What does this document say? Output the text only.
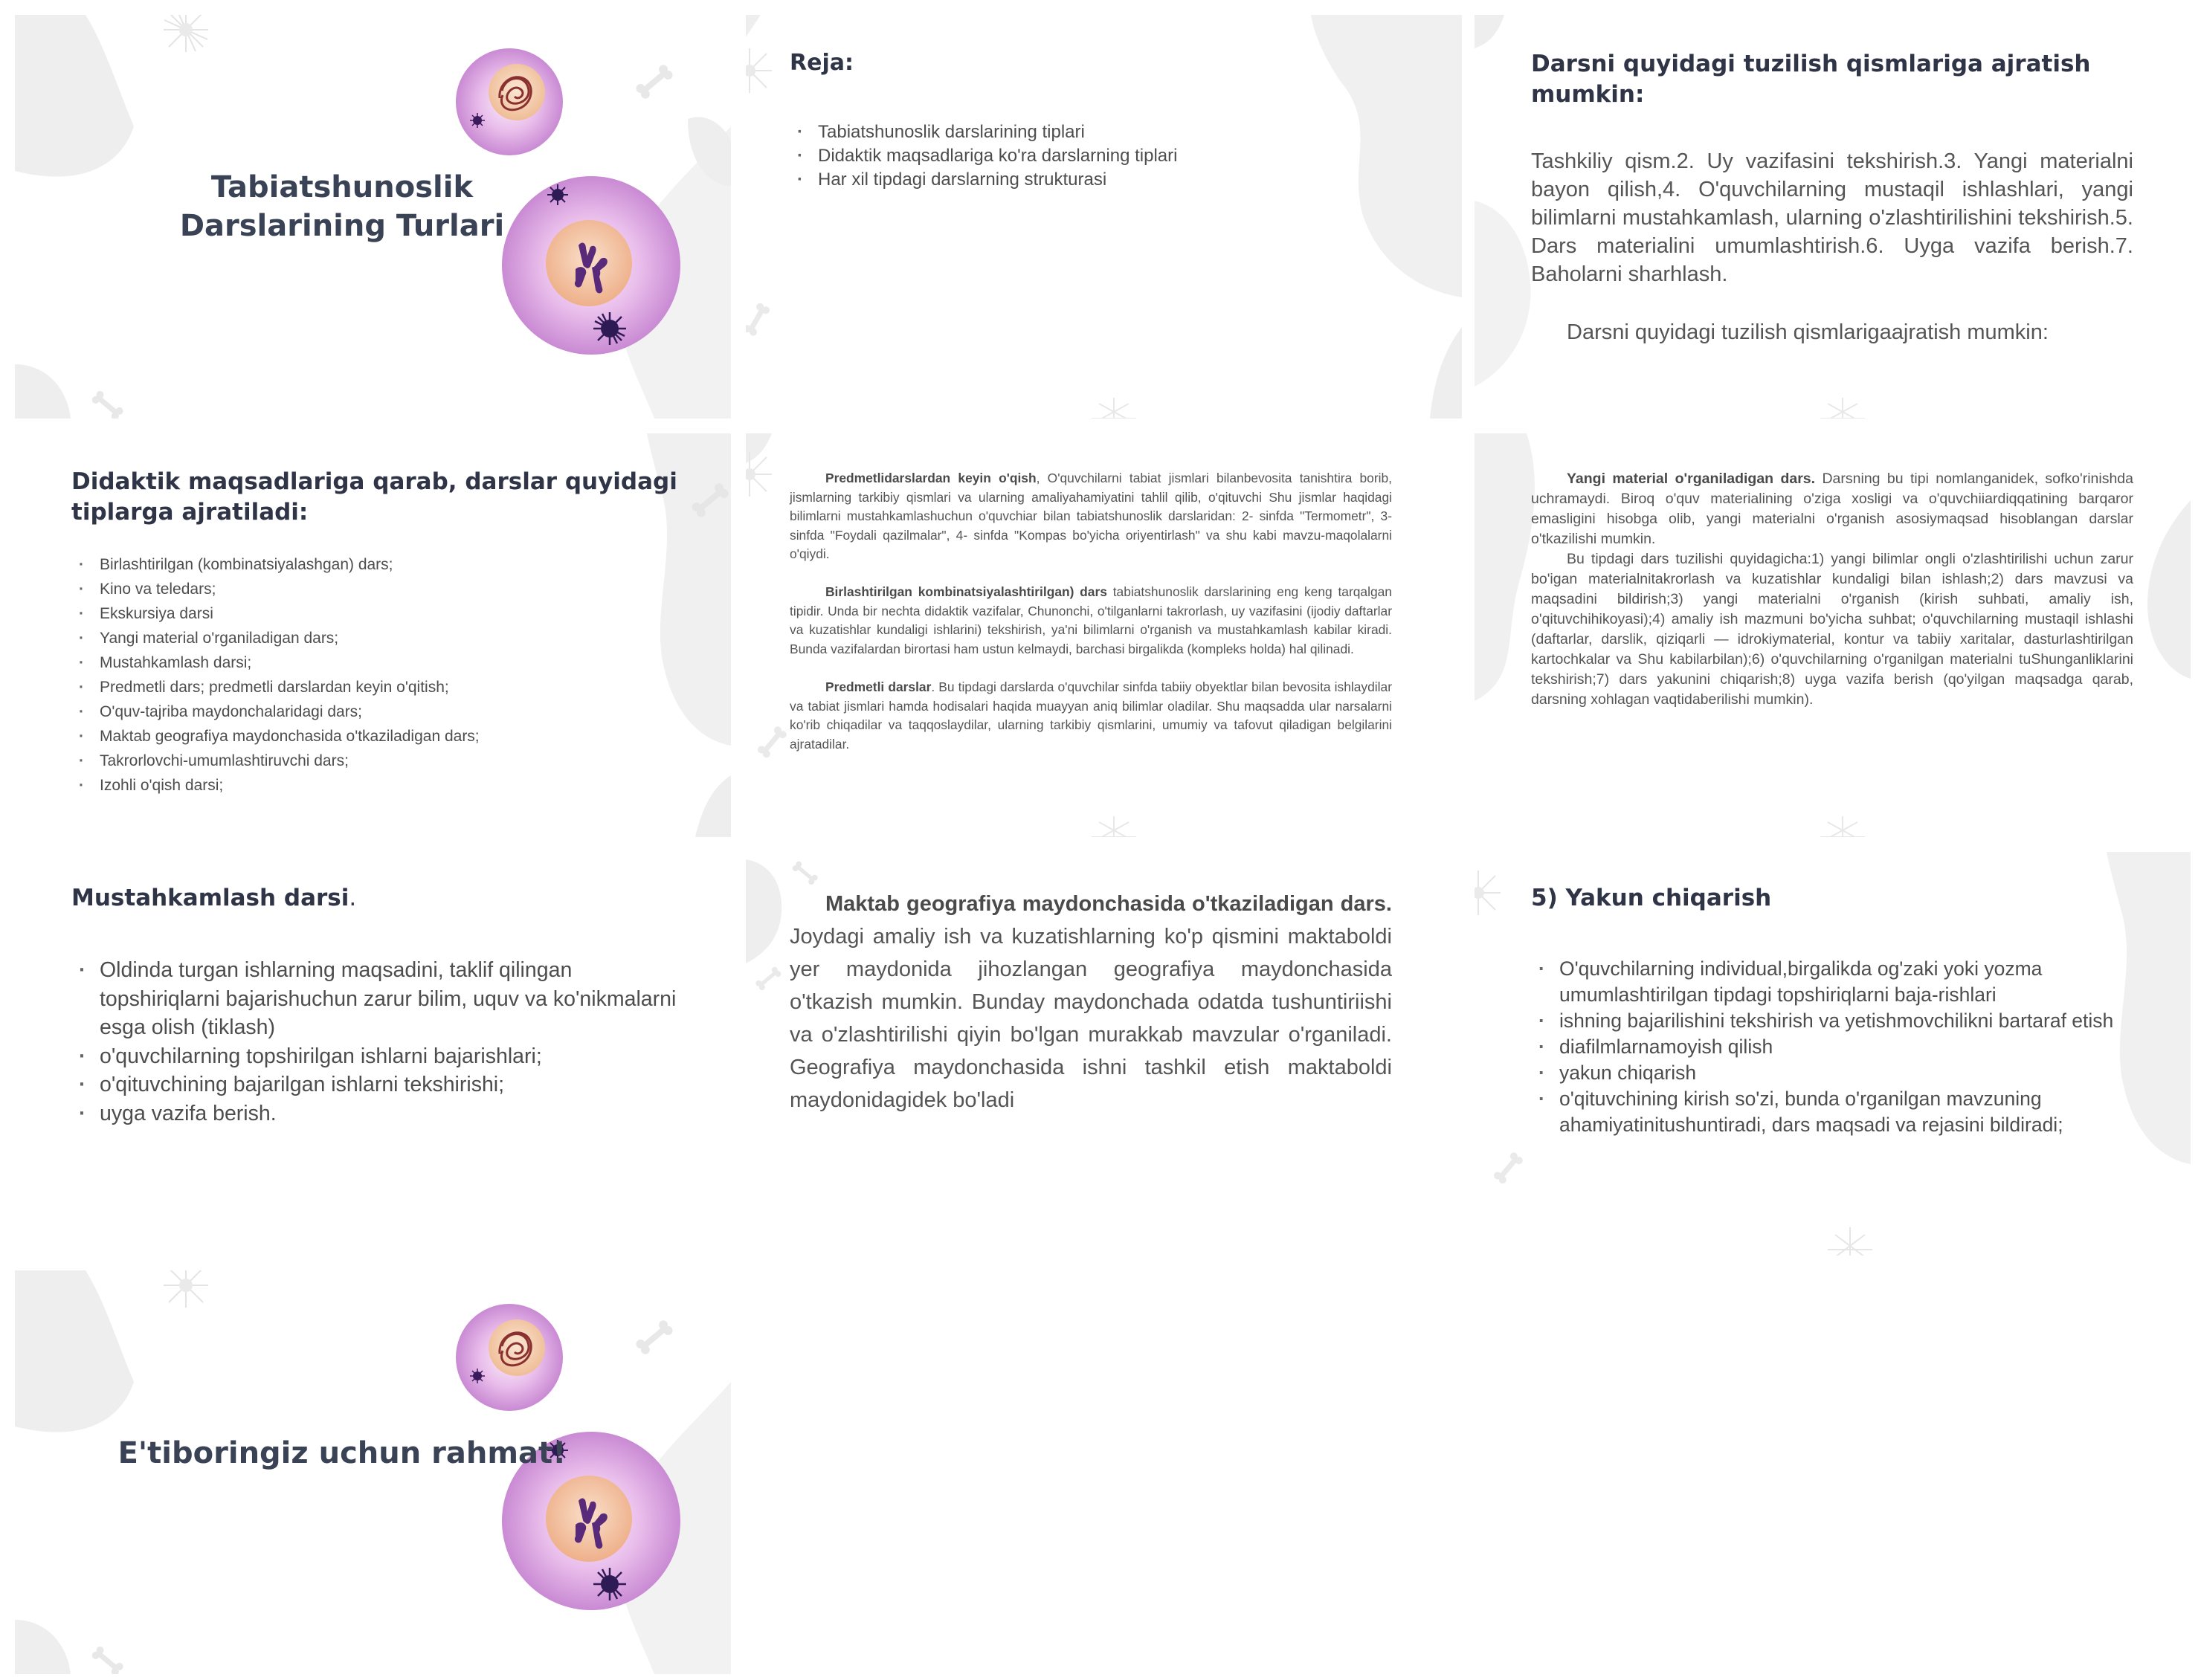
Tabiatshunoslik Darslarining Turlari

Reja:

· Tabiatshunoslik darslarining tiplari
· Didaktik maqsadlariga ko'ra darslarning tiplari
· Har xil tipdagi darslarning strukturasi

Darsni quyidagi tuzilish qismlariga ajratish mumkin:

Tashkiliy qism.2. Uy vazifasini tekshirish.3. Yangi materialni bayon qilish,4. O'quvchilarning mustaqil ishlashlari, yangi bilimlarni mustahkamlash, ularning o'zlashtirilishini tekshirish.5. Dars materialini umumlashtirish.6. Uyga vazifa berish.7. Baholarni sharhlash.

Darsni quyidagi tuzilish qismlarigaajratish mumkin:

Didaktik maqsadlariga qarab, darslar quyidagi tiplarga ajratiladi:

· Birlashtirilgan (kombinatsiyalashgan) dars;
· Kino va teledars;
· Ekskursiya darsi
· Yangi material o'rganiladigan dars;
· Mustahkamlash darsi;
· Predmetli dars; predmetli darslardan keyin o'qitish;
· O'quv-tajriba maydonchalaridagi dars;
· Maktab geografiya maydonchasida o'tkaziladigan dars;
· Takrorlovchi-umumlashtiruvchi dars;
· Izohli o'qish darsi;

Predmetlidarslardan keyin o'qish, O'quvchilarni tabiat jismlari bilanbevosita tanishtira borib, jismlarning tarkibiy qismlari va ularning amaliyahamiyatini tahlil qilib, o'qituvchi Shu jismlar haqidagi bilimlarni mustahkamlashuchun o'quvchiar bilan tabiatshunoslik darslaridan: 2- sinfda "Termometr", 3-sinfda "Foydali qazilmalar", 4- sinfda "Kompas bo'yicha oriyentirlash" va shu kabi mavzu-maqolalarni o'qiydi.

Birlashtirilgan kombinatsiyalashtirilgan) dars tabiatshunoslik darslarining eng keng tarqalgan tipidir. Unda bir nechta didaktik vazifalar, Chunonchi, o'tilganlarni takrorlash, uy vazifasini (ijodiy daftarlar va kuzatishlar kundaligi ishlarini) tekshirish, ya'ni bilimlarni o'rganish va mustahkamlash kabilar kiradi. Bunda vazifalardan birortasi ham ustun kelmaydi, barchasi birgalikda (kompleks holda) hal qilinadi.

Predmetli darslar. Bu tipdagi darslarda o'quvchilar sinfda tabiiy obyektlar bilan bevosita ishlaydilar va tabiat jismlari hamda hodisalari haqida muayyan aniq bilimlar oladilar. Shu maqsadda ular narsalarni ko'rib chiqadilar va taqqoslaydilar, ularning tarkibiy qismlarini, umumiy va tafovut qiladigan belgilarini ajratadilar.

Yangi material o'rganiladigan dars. Darsning bu tipi nomlanganidek, sofko'rinishda uchramaydi. Biroq o'quv materialining o'ziga xosligi va o'quvchiiardiqqatining barqaror emasligini hisobga olib, yangi materialni o'rganish asosiymaqsad hisoblangan darslar o'tkazilishi mumkin.

Bu tipdagi dars tuzilishi quyidagicha:1) yangi bilimlar ongli o'zlashtirilishi uchun zarur bo'igan materialnitakrorlash va kuzatishlar kundaligi bilan ishlash;2) dars mavzusi va maqsadini bildirish;3) yangi materialni o'rganish (kirish suhbati, amaliy ish, o'qituvchihikoyasi);4) amaliy ish mazmuni bo'yicha suhbat; o'quvchilarning mustaqil ishlashi (daftarlar, darslik, qiziqarli — idrokiymaterial, kontur va tabiiy xaritalar, dasturlashtirilgan kartochkalar va Shu kabilarbilan);6) o'quvchilarning o'rganilgan materialni tuShunganliklarini tekshirish;7) dars yakunini chiqarish;8) uyga vazifa berish (qo'yilgan maqsadga qarab, darsning xohlagan vaqtidaberilishi mumkin).

Mustahkamlash darsi.

· Oldinda turgan ishlarning maqsadini, taklif qilingan topshiriqlarni bajarishuchun zarur bilim, uquv va ko'nikmalarni esga olish (tiklash)
· o'quvchilarning topshirilgan ishlarni bajarishlari;
· o'qituvchining bajarilgan ishlarni tekshirishi;
· uyga vazifa berish.

Maktab geografiya maydonchasida o'tkaziladigan dars. Joydagi amaliy ish va kuzatishlarning ko'p qismini maktaboldi yer maydonida jihozlangan geografiya maydonchasida o'tkazish mumkin. Bunday maydonchada odatda tushuntiriishi va o'zlashtirilishi qiyin bo'lgan murakkab mavzular o'rganiladi. Geografiya maydonchasida ishni tashkil etish maktaboldi maydonidagidek bo'ladi

5) Yakun chiqarish

· O'quvchilarning individual,birgalikda og'zaki yoki yozma umumlashtirilgan tipdagi topshiriqlarni baja-rishlari
· ishning bajarilishini tekshirish va yetishmovchilikni bartaraf etish
· diafilmlarnamoyish qilish
· yakun chiqarish
· o'qituvchining kirish so'zi, bunda o'rganilgan mavzuning ahamiyatinitushuntiradi, dars maqsadi va rejasini bildiradi;

E'tiboringiz uchun rahmat!
